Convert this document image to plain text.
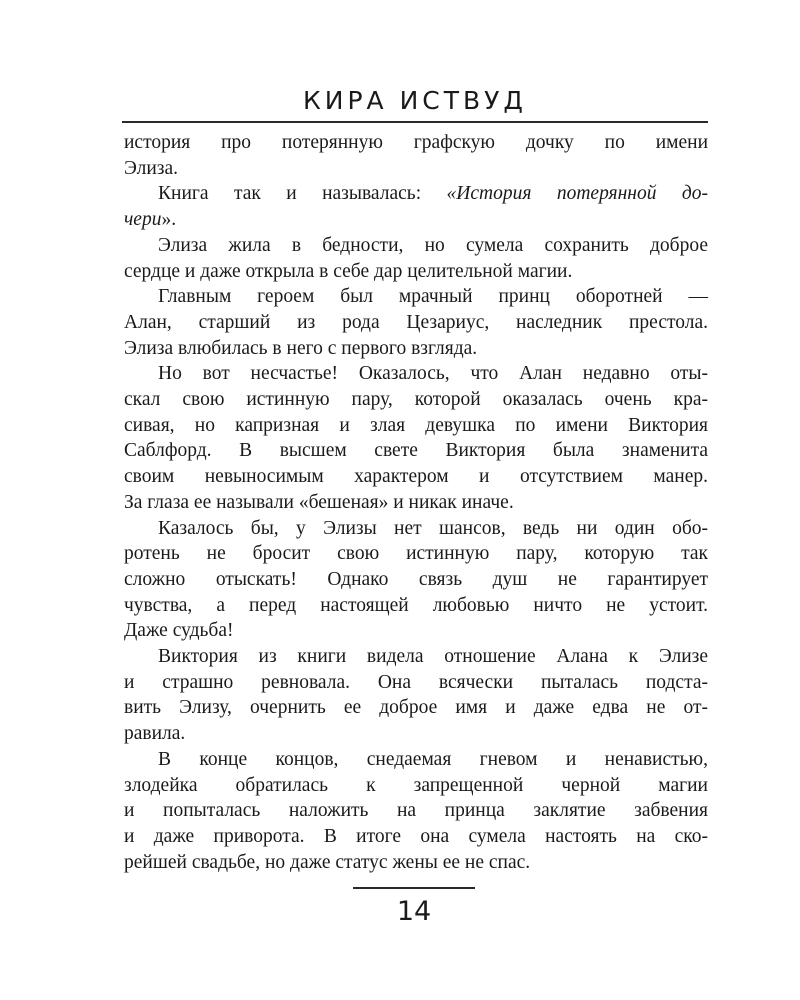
КИРА ИСТВУД
история про потерянную графскую дочку по имени
Элиза.
Книга так и называлась: «История потерянной до-
чери».
Элиза жила в бедности, но сумела сохранить доброе
сердце и даже открыла в себе дар целительной магии.
Главным героем был мрачный принц оборотней —
Алан, старший из рода Цезариус, наследник престола.
Элиза влюбилась в него с первого взгляда.
Но вот несчастье! Оказалось, что Алан недавно оты-
скал свою истинную пару, которой оказалась очень кра-
сивая, но капризная и злая девушка по имени Виктория
Саблфорд. В высшем свете Виктория была знаменита
своим невыносимым характером и отсутствием манер.
За глаза ее называли «бешеная» и никак иначе.
Казалось бы, у Элизы нет шансов, ведь ни один обо-
ротень не бросит свою истинную пару, которую так
сложно отыскать! Однако связь душ не гарантирует
чувства, а перед настоящей любовью ничто не устоит.
Даже судьба!
Виктория из книги видела отношение Алана к Элизе
и страшно ревновала. Она всячески пыталась подста-
вить Элизу, очернить ее доброе имя и даже едва не от-
равила.
В конце концов, снедаемая гневом и ненавистью,
злодейка обратилась к запрещенной черной магии
и попыталась наложить на принца заклятие забвения
и даже приворота. В итоге она сумела настоять на ско-
рейшей свадьбе, но даже статус жены ее не спас.
14
